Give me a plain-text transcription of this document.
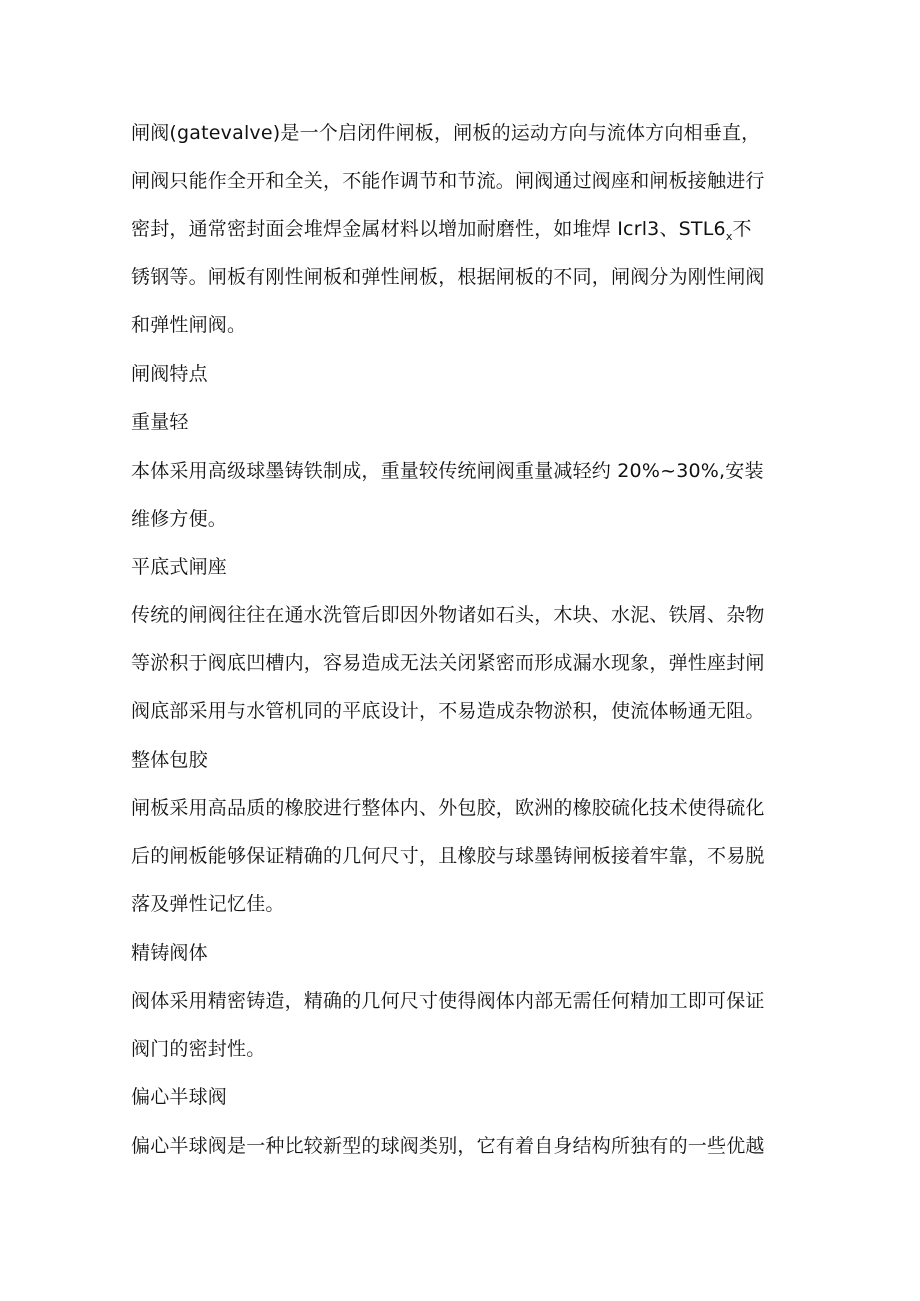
闸阀(gatevalve)是一个启闭件闸板，闸板的运动方向与流体方向相垂直，
闸阀只能作全开和全关，不能作调节和节流。闸阀通过阀座和闸板接触进行
密封，通常密封面会堆焊金属材料以增加耐磨性，如堆焊 Icrl3、$STL6_x$不
锈钢等。闸板有刚性闸板和弹性闸板，根据闸板的不同，闸阀分为刚性闸阀
和弹性闸阀。
闸阀特点
重量轻
本体采用高级球墨铸铁制成，重量较传统闸阀重量减轻约 20%~30%,安装
维修方便。
平底式闸座
传统的闸阀往往在通水洗管后即因外物诸如石头，木块、水泥、铁屑、杂物
等淤积于阀底凹槽内，容易造成无法关闭紧密而形成漏水现象，弹性座封闸
阀底部采用与水管机同的平底设计，不易造成杂物淤积，使流体畅通无阻。
整体包胶
闸板采用高品质的橡胶进行整体内、外包胶，欧洲的橡胶硫化技术使得硫化
后的闸板能够保证精确的几何尺寸，且橡胶与球墨铸闸板接着牢靠，不易脱
落及弹性记忆佳。
精铸阀体
阀体采用精密铸造，精确的几何尺寸使得阀体内部无需任何精加工即可保证
阀门的密封性。
偏心半球阀
偏心半球阀是一种比较新型的球阀类别，它有着自身结构所独有的一些优越
